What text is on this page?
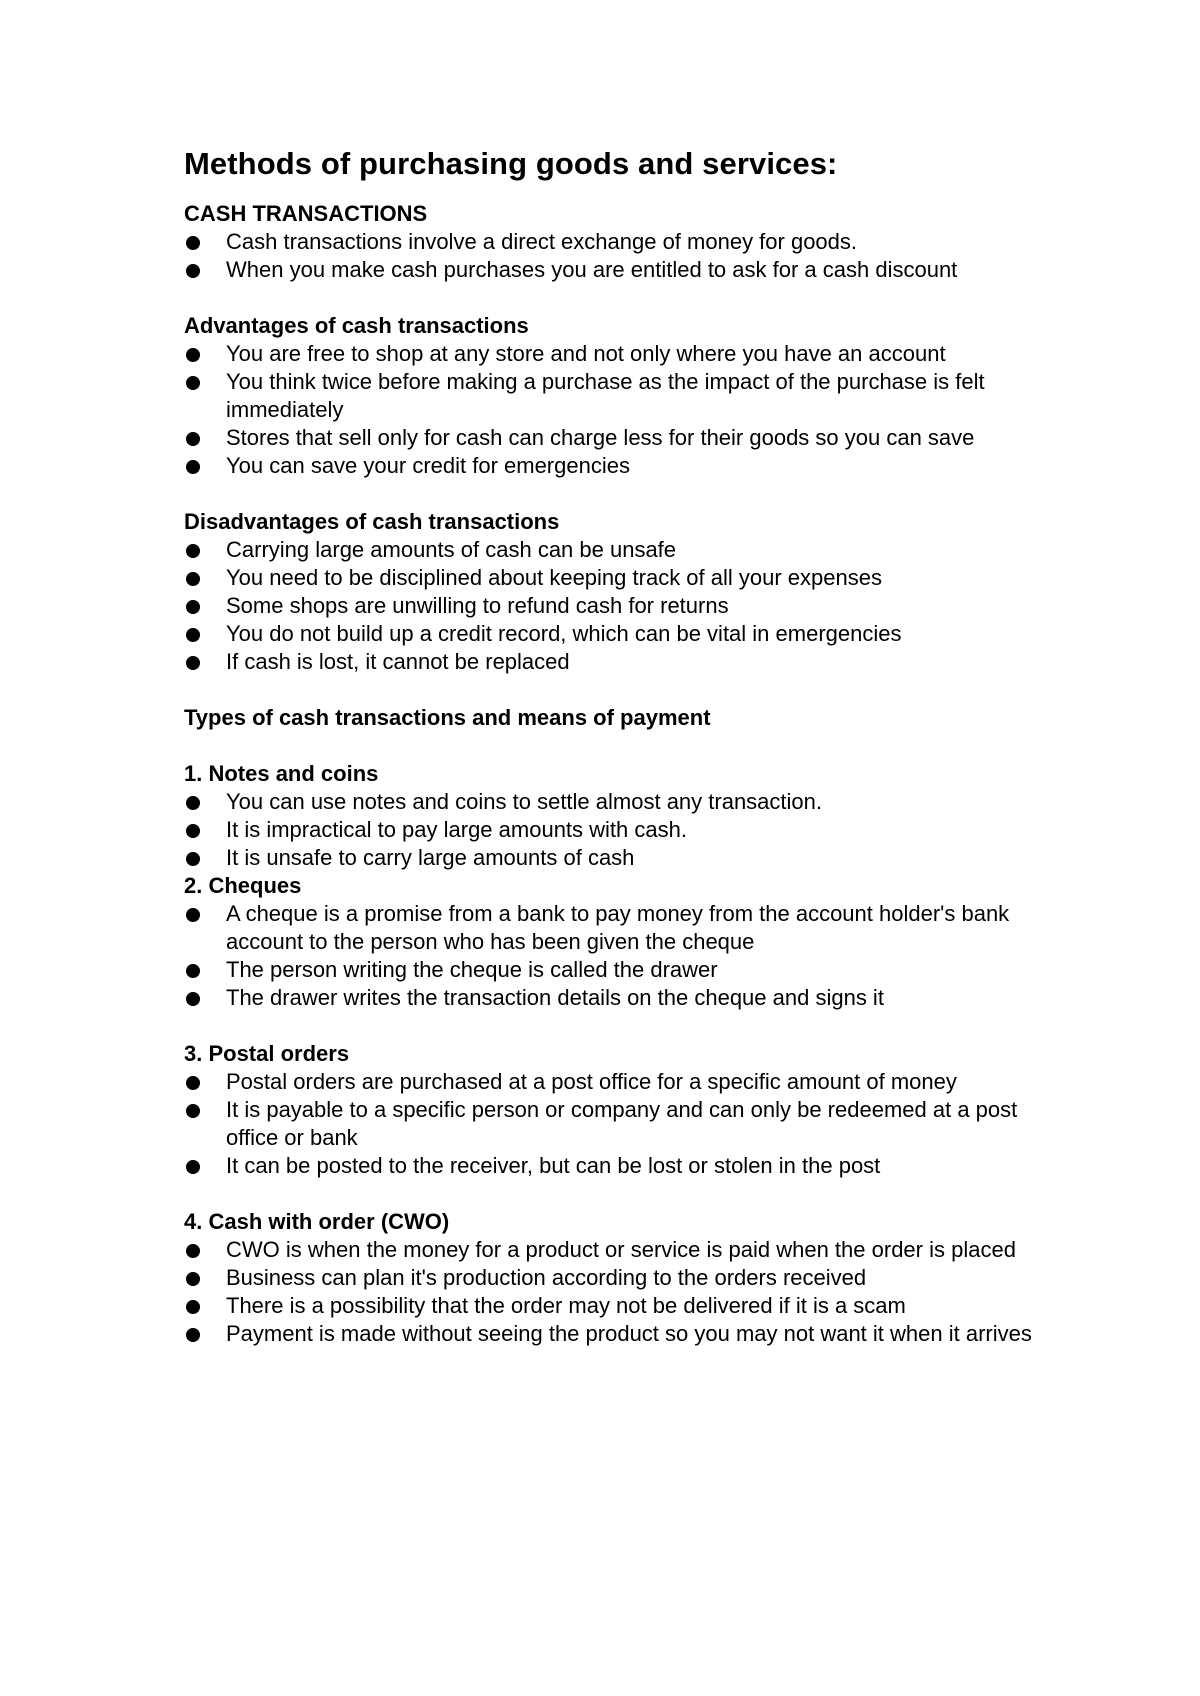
Methods of purchasing goods and services:
CASH TRANSACTIONS
Cash transactions involve a direct exchange of money for goods.
When you make cash purchases you are entitled to ask for a cash discount
Advantages of cash transactions
You are free to shop at any store and not only where you have an account
You think twice before making a purchase as the impact of the purchase is felt immediately
Stores that sell only for cash can charge less for their goods so you can save
You can save your credit for emergencies
Disadvantages of cash transactions
Carrying large amounts of cash can be unsafe
You need to be disciplined about keeping track of all your expenses
Some shops are unwilling to refund cash for returns
You do not build up a credit record, which can be vital in emergencies
If cash is lost, it cannot be replaced
Types of cash transactions and means of payment
1. Notes and coins
You can use notes and coins to settle almost any transaction.
It is impractical to pay large amounts with cash.
It is unsafe to carry large amounts of cash
2. Cheques
A cheque is a promise from a bank to pay money from the account holder's bank account to the person who has been given the cheque
The person writing the cheque is called the drawer
The drawer writes the transaction details on the cheque and signs it
3. Postal orders
Postal orders are purchased at a post office for a specific amount of money
It is payable to a specific person or company and can only be redeemed at a post office or bank
It can be posted to the receiver, but can be lost or stolen in the post
4. Cash with order (CWO)
CWO is when the money for a product or service is paid when the order is placed
Business can plan it's production according to the orders received
There is a possibility that the order may not be delivered if it is a scam
Payment is made without seeing the product so you may not want it when it arrives
